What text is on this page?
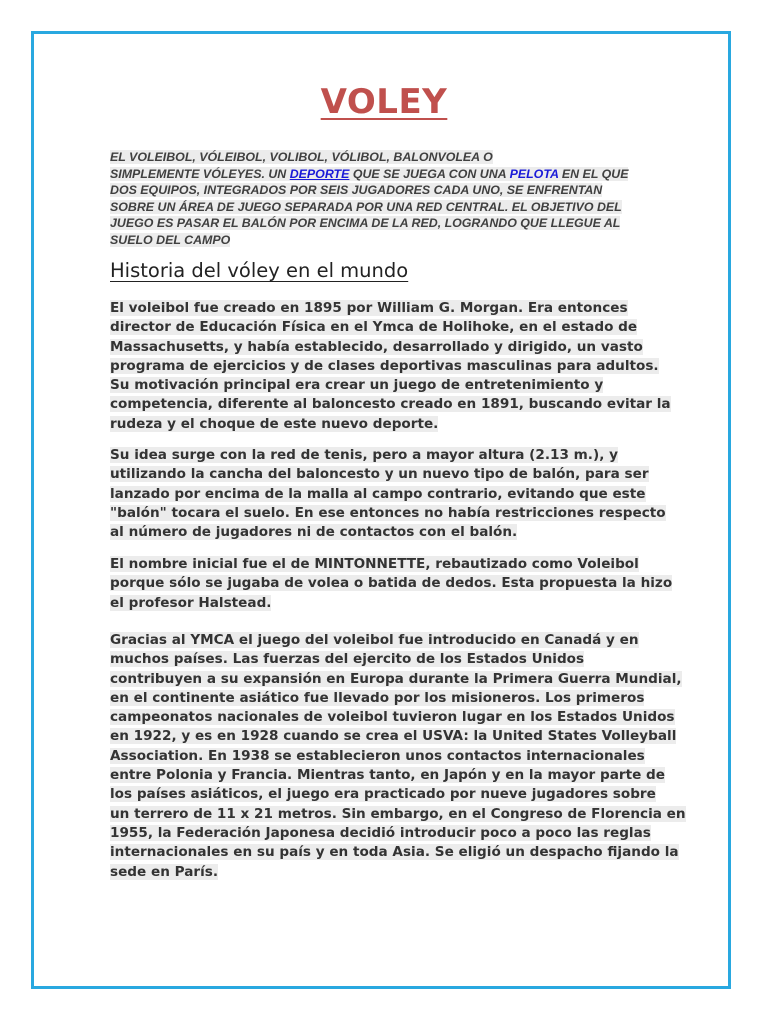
VOLEY
EL VOLEIBOL, VÓLEIBOL, VOLIBOL, VÓLIBOL, BALONVOLEA O
SIMPLEMENTE VÓLEYES. UN DEPORTE QUE SE JUEGA CON UNA PELOTA EN EL QUE
DOS EQUIPOS, INTEGRADOS POR SEIS JUGADORES CADA UNO, SE ENFRENTAN
SOBRE UN ÁREA DE JUEGO SEPARADA POR UNA RED CENTRAL. EL OBJETIVO DEL
JUEGO ES PASAR EL BALÓN POR ENCIMA DE LA RED, LOGRANDO QUE LLEGUE AL
SUELO DEL CAMPO
Historia del vóley en el mundo
El voleibol fue creado en 1895 por William G. Morgan. Era entonces
director de Educación Física en el Ymca de Holihoke, en el estado de
Massachusetts, y había establecido, desarrollado y dirigido, un vasto
programa de ejercicios y de clases deportivas masculinas para adultos.
Su motivación principal era crear un juego de entretenimiento y
competencia, diferente al baloncesto creado en 1891, buscando evitar la
rudeza y el choque de este nuevo deporte.
Su idea surge con la red de tenis, pero a mayor altura (2.13 m.), y
utilizando la cancha del baloncesto y un nuevo tipo de balón, para ser
lanzado por encima de la malla al campo contrario, evitando que este
"balón" tocara el suelo. En ese entonces no había restricciones respecto
al número de jugadores ni de contactos con el balón.
El nombre inicial fue el de MINTONNETTE, rebautizado como Voleibol
porque sólo se jugaba de volea o batida de dedos. Esta propuesta la hizo
el profesor Halstead.
Gracias al YMCA el juego del voleibol fue introducido en Canadá y en
muchos países. Las fuerzas del ejercito de los Estados Unidos
contribuyen a su expansión en Europa durante la Primera Guerra Mundial,
en el continente asiático fue llevado por los misioneros. Los primeros
campeonatos nacionales de voleibol tuvieron lugar en los Estados Unidos
en 1922, y es en 1928 cuando se crea el USVA: la United States Volleyball
Association. En 1938 se establecieron unos contactos internacionales
entre Polonia y Francia. Mientras tanto, en Japón y en la mayor parte de
los países asiáticos, el juego era practicado por nueve jugadores sobre
un terrero de 11 x 21 metros. Sin embargo, en el Congreso de Florencia en
1955, la Federación Japonesa decidió introducir poco a poco las reglas
internacionales en su país y en toda Asia. Se eligió un despacho fijando la
sede en París.
